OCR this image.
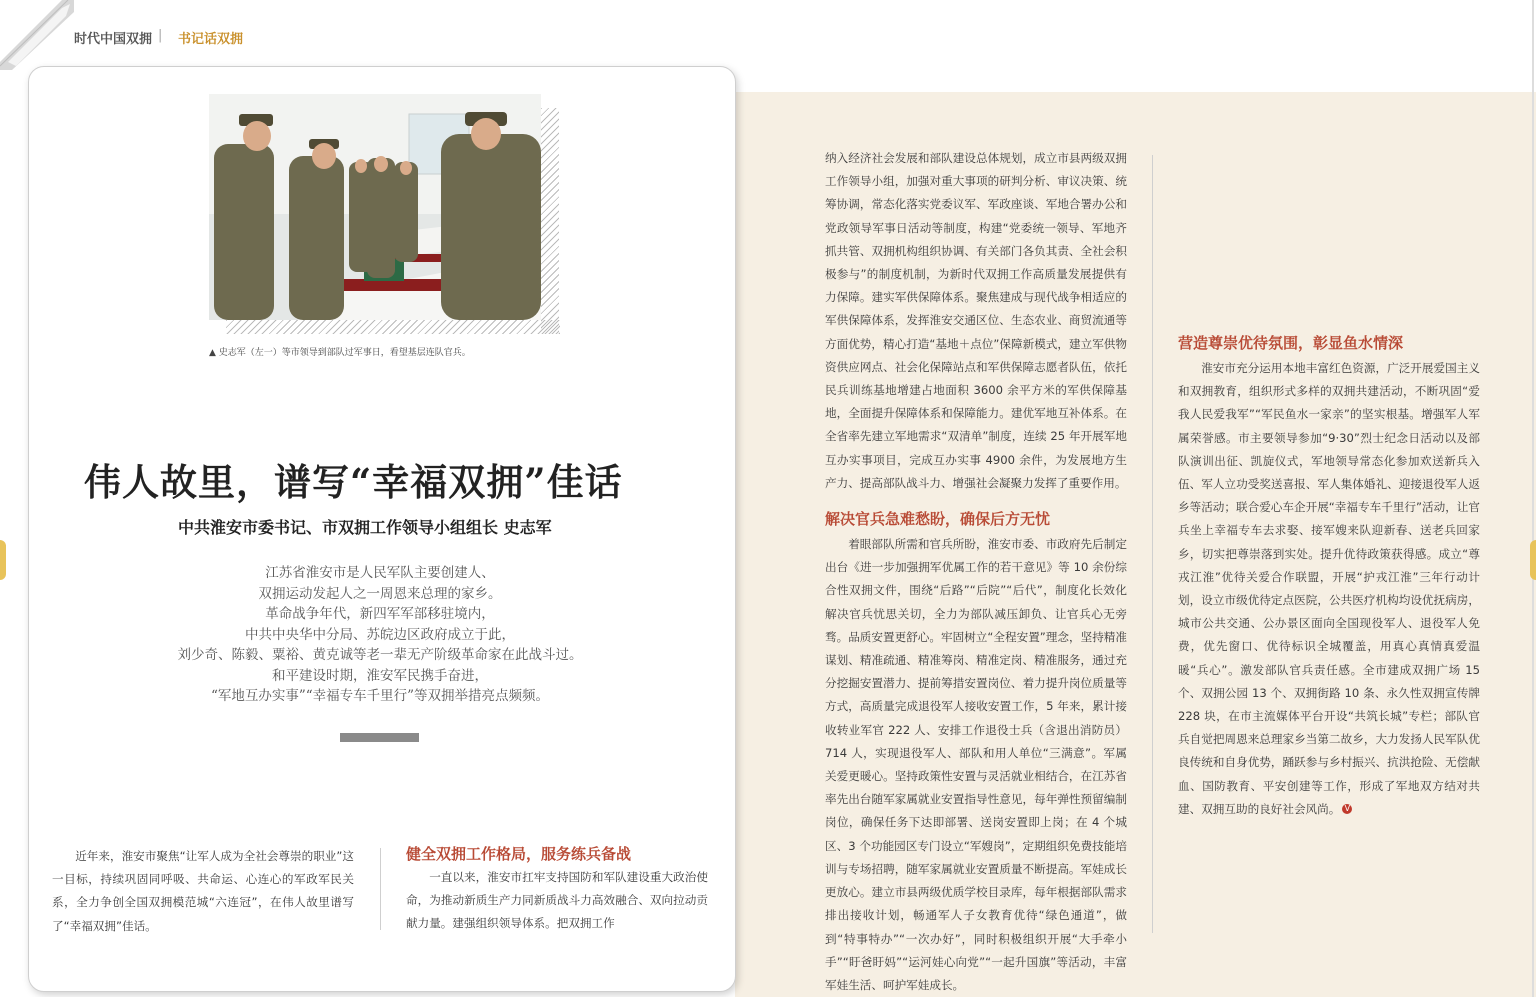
时代中国双拥 | 书记话双拥
▲ 史志军（左一）等市领导到部队过军事日，看望基层连队官兵。
伟人故里，谱写“幸福双拥”佳话
中共淮安市委书记、市双拥工作领导小组组长 史志军
江苏省淮安市是人民军队主要创建人、
双拥运动发起人之一周恩来总理的家乡。
革命战争年代，新四军军部移驻境内，
中共中央华中分局、苏皖边区政府成立于此，
刘少奇、陈毅、粟裕、黄克诚等老一辈无产阶级革命家在此战斗过。
和平建设时期，淮安军民携手奋进，
“军地互办实事”“幸福专车千里行”等双拥举措亮点频频。

近年来，淮安市聚焦“让军人成为全社会尊崇的职业”这一目标，持续巩固同呼吸、共命运、心连心的军政军民关系，全力争创全国双拥模范城“六连冠”，在伟人故里谱写了“幸福双拥”佳话。

健全双拥工作格局，服务练兵备战

一直以来，淮安市扛牢支持国防和军队建设重大政治使命，为推动新质生产力同新质战斗力高效融合、双向拉动贡献力量。建强组织领导体系。把双拥工作

纳入经济社会发展和部队建设总体规划，成立市县两级双拥工作领导小组，加强对重大事项的研判分析、审议决策、统筹协调，常态化落实党委议军、军政座谈、军地合署办公和党政领导军事日活动等制度，构建“党委统一领导、军地齐抓共管、双拥机构组织协调、有关部门各负其责、全社会积极参与”的制度机制，为新时代双拥工作高质量发展提供有力保障。建实军供保障体系。聚焦建成与现代战争相适应的军供保障体系，发挥淮安交通区位、生态农业、商贸流通等方面优势，精心打造“基地＋点位”保障新模式，建立军供物资供应网点、社会化保障站点和军供保障志愿者队伍，依托民兵训练基地增建占地面积 3600 余平方米的军供保障基地，全面提升保障体系和保障能力。建优军地互补体系。在全省率先建立军地需求“双清单”制度，连续 25 年开展军地互办实事项目，完成互办实事 4900 余件，为发展地方生产力、提高部队战斗力、增强社会凝聚力发挥了重要作用。

解决官兵急难愁盼，确保后方无忧

着眼部队所需和官兵所盼，淮安市委、市政府先后制定出台《进一步加强拥军优属工作的若干意见》等 10 余份综合性双拥文件，围绕“后路”“后院”“后代”，制度化长效化解决官兵忧思关切，全力为部队减压卸负、让官兵心无旁骛。品质安置更舒心。牢固树立“全程安置”理念，坚持精准谋划、精准疏通、精准筹岗、精准定岗、精准服务，通过充分挖掘安置潜力、提前筹措安置岗位、着力提升岗位质量等方式，高质量完成退役军人接收安置工作，5 年来，累计接收转业军官 222 人、安排工作退役士兵（含退出消防员）714 人，实现退役军人、部队和用人单位“三满意”。军属关爱更暖心。坚持政策性安置与灵活就业相结合，在江苏省率先出台随军家属就业安置指导性意见，每年弹性预留编制岗位，确保任务下达即部署、送岗安置即上岗；在 4 个城区、3 个功能园区专门设立“军嫂岗”，定期组织免费技能培训与专场招聘，随军家属就业安置质量不断提高。军娃成长更放心。建立市县两级优质学校目录库，每年根据部队需求排出接收计划，畅通军人子女教育优待“绿色通道”，做到“特事特办”“一次办好”，同时积极组织开展“大手牵小手”“盱爸盱妈”“运河娃心向党”“一起升国旗”等活动，丰富军娃生活、呵护军娃成长。

营造尊崇优待氛围，彰显鱼水情深

淮安市充分运用本地丰富红色资源，广泛开展爱国主义和双拥教育，组织形式多样的双拥共建活动，不断巩固“爱我人民爱我军”“军民鱼水一家亲”的坚实根基。增强军人军属荣誉感。市主要领导参加“9·30”烈士纪念日活动以及部队演训出征、凯旋仪式，军地领导常态化参加欢送新兵入伍、军人立功受奖送喜报、军人集体婚礼、迎接退役军人返乡等活动；联合爱心车企开展“幸福专车千里行”活动，让官兵坐上幸福专车去求娶、接军嫂来队迎新春、送老兵回家乡，切实把尊崇落到实处。提升优待政策获得感。成立“尊戎江淮”优待关爱合作联盟，开展“护戎江淮”三年行动计划，设立市级优待定点医院，公共医疗机构均设优抚病房，城市公共交通、公办景区面向全国现役军人、退役军人免费，优先窗口、优待标识全城覆盖，用真心真情真爱温暖“兵心”。激发部队官兵责任感。全市建成双拥广场 15 个、双拥公园 13 个、双拥街路 10 条、永久性双拥宣传牌 228 块，在市主流媒体平台开设“共筑长城”专栏；部队官兵自觉把周恩来总理家乡当第二故乡，大力发扬人民军队优良传统和自身优势，踊跃参与乡村振兴、抗洪抢险、无偿献血、国防教育、平安创建等工作，形成了军地双方结对共建、双拥互助的良好社会风尚。 V
